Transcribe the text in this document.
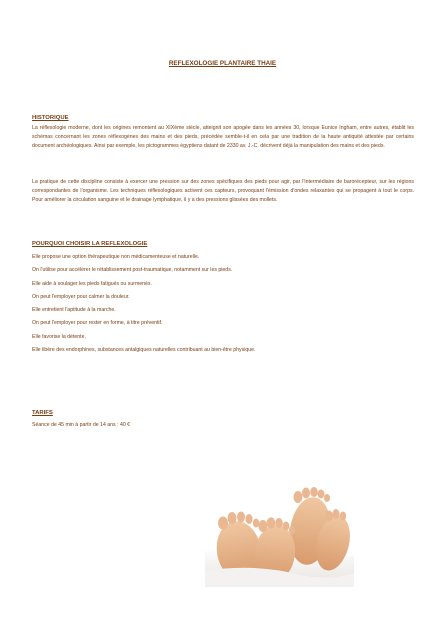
REFLEXOLOGIE PLANTAIRE THAIE
HISTORIQUE
La réflexologie moderne, dont les origines remontent au XIXème siècle, atteignit son apogée dans les années 30, lorsque Eunice Ingham, entre autres, établit les schémas concernant les zones réflexogènes des mains et des pieds, précédée semble-t-il en cela par une tradition de la haute antiquité attestée par certains document archéologiques. Ainsi par exemple, les pictogrammes égyptiens datant de 2330 av. J.-C. décrivent déjà la manipulation des mains et des pieds.
La pratique de cette discipline consiste à exercer une pression sur des zones spécifiques des pieds pour agir, par l'intermédiaire de barorécepteur, sur les régions correspondantes de l'organisme. Les techniques réflexologiques activent ces capteurs, provoquant l'émission d'ondes relaxantes qui se propagent à tout le corps. Pour améliorer la circulation sanguine et le drainage lymphatique, il y a des pressions glissées des mollets.
POURQUOI CHOISIR LA REFLEXOLOGIE
Elle propose une option thérapeutique non médicamenteuse et naturelle.
On l'utilise pour accélérer le rétablissement post-traumatique, notamment sur les pieds.
Elle aide à soulager les pieds fatigués ou surmenés.
On peut l'employer pour calmer la douleur.
Elle entretient l'aptitude à la marche.
On peut l'employer pour rester en forme, à titre préventif.
Elle favorise la détente.
Elle libère des endorphines, substances antalgiques naturelles contribuant au bien-être physique.
TARIFS
Séance de 45 min à partir de 14 ans : 40 €
